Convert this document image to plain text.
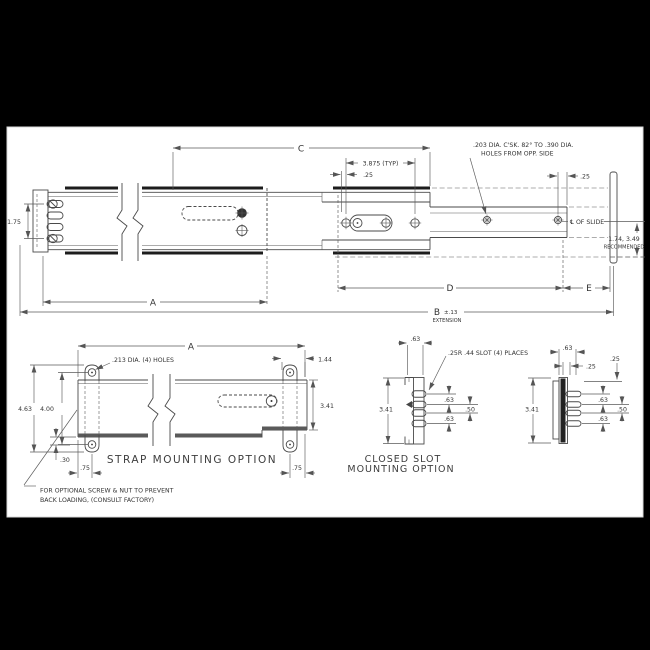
1.75
C
3.875 (TYP)
.25
.203 DIA. C'SK. 82° TO .390 DIA.
HOLES FROM OPP. SIDE
.25
℄ OF SLIDE
1.74, 3.49
RECOMMENDED
D	E
A
B ±.13
EXTENSION
A
.213 DIA. (4) HOLES	1.44
4.63 4.00	3.41
.30
.75	.75
STRAP MOUNTING OPTION
FOR OPTIONAL SCREW & NUT TO PREVENT
BACK LOADING, (CONSULT FACTORY)
.63
.25R .44 SLOT (4) PLACES
3.41
.63
.50
.63
CLOSED SLOT
MOUNTING OPTION
.63
.25
.25
3.41
.63
.50
.63
